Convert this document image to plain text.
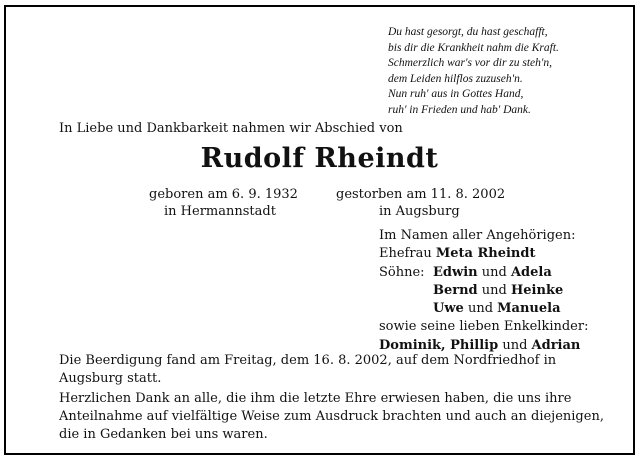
Du hast gesorgt, du hast geschafft,
bis dir die Krankheit nahm die Kraft.
Schmerzlich war's vor dir zu steh'n,
dem Leiden hilflos zuzuseh'n.
Nun ruh' aus in Gottes Hand,
ruh' in Frieden und hab' Dank.
In Liebe und Dankbarkeit nahmen wir Abschied von
Rudolf Rheindt
geboren am 6. 9. 1932
in Hermannstadt
gestorben am 11. 8. 2002
in Augsburg
Im Namen aller Angehörigen:
Ehefrau Meta Rheindt
Söhne:Edwin und Adela
Bernd und Heinke
Uwe und Manuela
sowie seine lieben Enkelkinder:
Dominik, Phillip und Adrian
Die Beerdigung fand am Freitag, dem 16. 8. 2002, auf dem Nordfriedhof in Augsburg statt.
Herzlichen Dank an alle, die ihm die letzte Ehre erwiesen haben, die uns ihre Anteilnahme auf vielfältige Weise zum Ausdruck brachten und auch an diejenigen, die in Gedanken bei uns waren.
